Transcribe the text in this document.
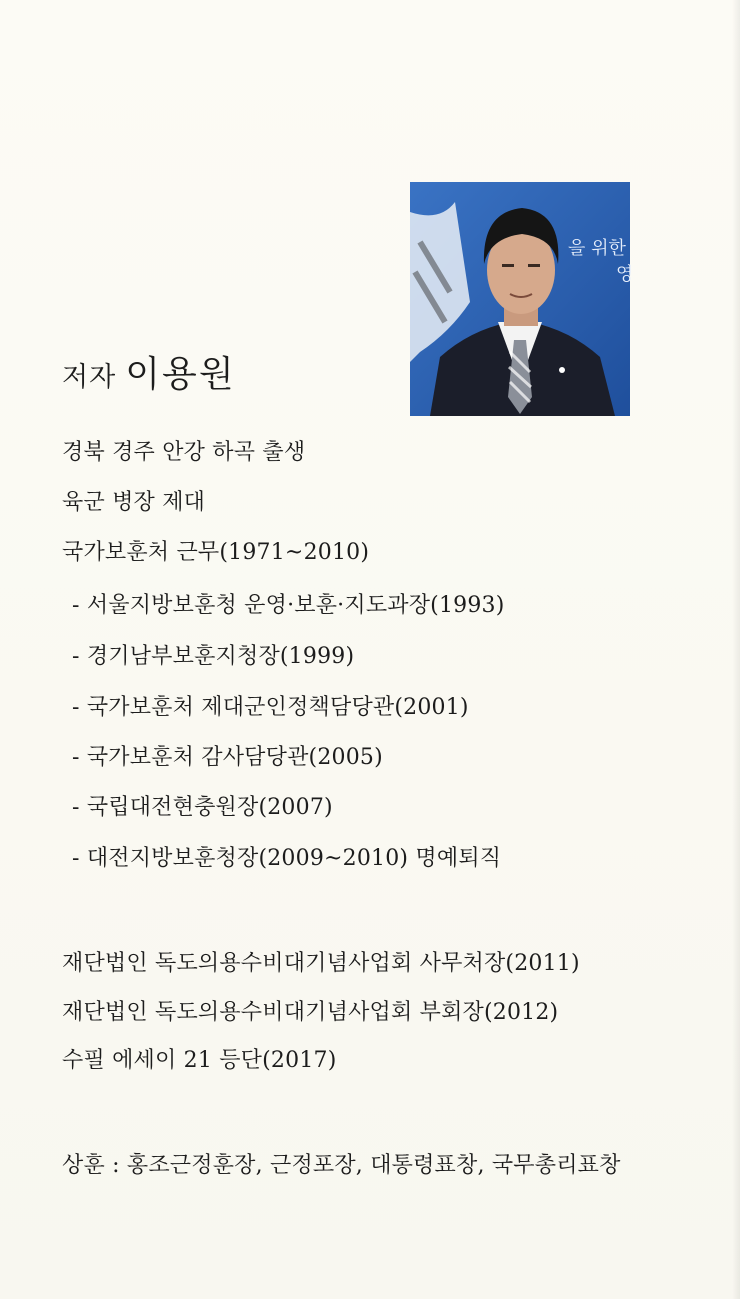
을 위한
영
저자 이용원
경북 경주 안강 하곡 출생
육군 병장 제대
국가보훈처 근무(1971~2010)
- 서울지방보훈청 운영·보훈·지도과장(1993)
- 경기남부보훈지청장(1999)
- 국가보훈처 제대군인정책담당관(2001)
- 국가보훈처 감사담당관(2005)
- 국립대전현충원장(2007)
- 대전지방보훈청장(2009~2010) 명예퇴직
재단법인 독도의용수비대기념사업회 사무처장(2011)
재단법인 독도의용수비대기념사업회 부회장(2012)
수필 에세이 21 등단(2017)
상훈 : 홍조근정훈장, 근정포장, 대통령표창, 국무총리표창
